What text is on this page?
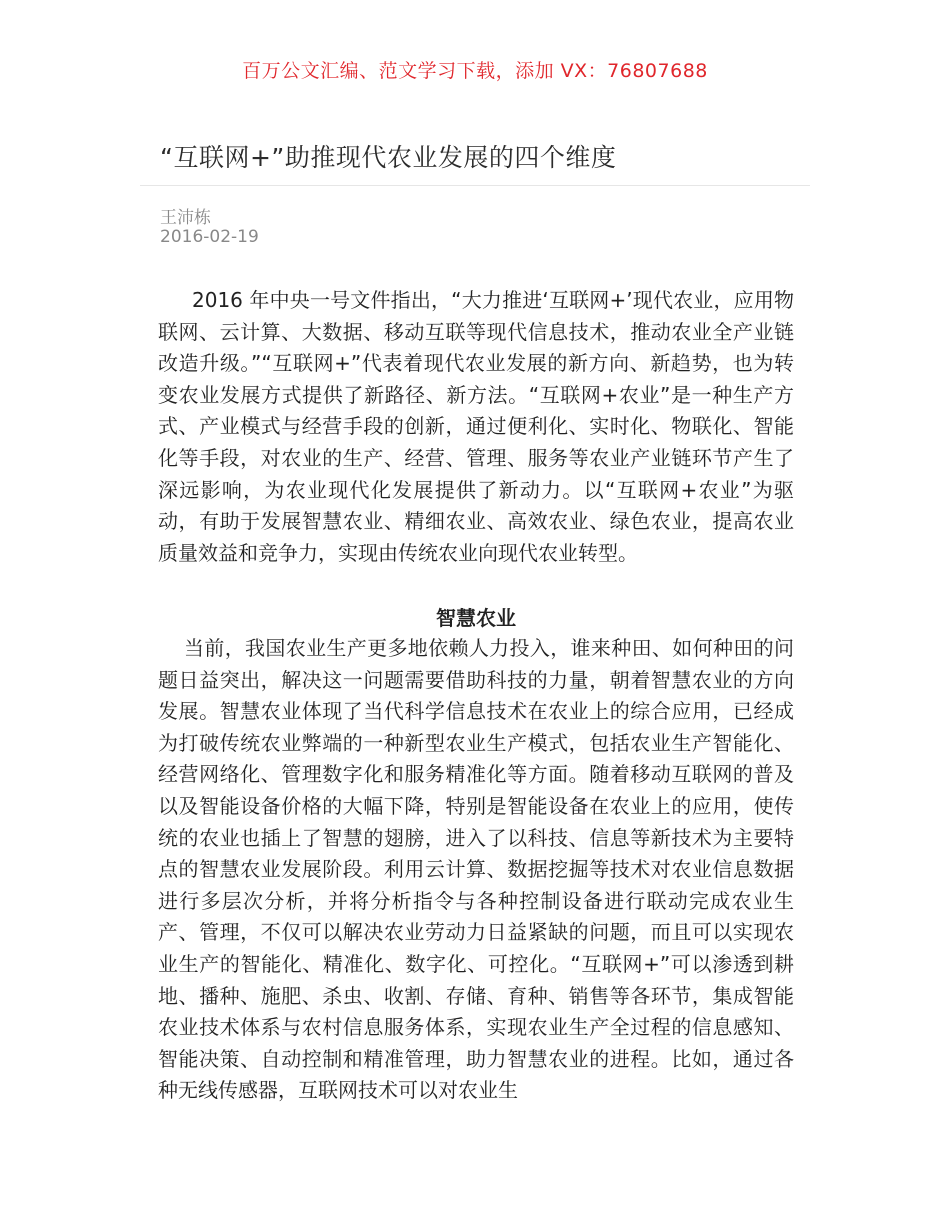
百万公文汇编、范文学习下载，添加 VX：76807688
“互联网+”助推现代农业发展的四个维度
王沛栋
2016-02-19

2016 年中央一号文件指出，“大力推进‘互联网+’现代农业，应用物联网、云计算、大数据、移动互联等现代信息技术，推动农业全产业链改造升级。”“互联网+”代表着现代农业发展的新方向、新趋势，也为转变农业发展方式提供了新路径、新方法。“互联网+农业”是一种生产方式、产业模式与经营手段的创新，通过便利化、实时化、物联化、智能化等手段，对农业的生产、经营、管理、服务等农业产业链环节产生了深远影响，为农业现代化发展提供了新动力。以“互联网+农业”为驱动，有助于发展智慧农业、精细农业、高效农业、绿色农业，提高农业质量效益和竞争力，实现由传统农业向现代农业转型。

智慧农业

当前，我国农业生产更多地依赖人力投入，谁来种田、如何种田的问题日益突出，解决这一问题需要借助科技的力量，朝着智慧农业的方向发展。智慧农业体现了当代科学信息技术在农业上的综合应用，已经成为打破传统农业弊端的一种新型农业生产模式，包括农业生产智能化、经营网络化、管理数字化和服务精准化等方面。随着移动互联网的普及以及智能设备价格的大幅下降，特别是智能设备在农业上的应用，使传统的农业也插上了智慧的翅膀，进入了以科技、信息等新技术为主要特点的智慧农业发展阶段。利用云计算、数据挖掘等技术对农业信息数据进行多层次分析，并将分析指令与各种控制设备进行联动完成农业生产、管理，不仅可以解决农业劳动力日益紧缺的问题，而且可以实现农业生产的智能化、精准化、数字化、可控化。“互联网+”可以渗透到耕地、播种、施肥、杀虫、收割、存储、育种、销售等各环节，集成智能农业技术体系与农村信息服务体系，实现农业生产全过程的信息感知、智能决策、自动控制和精准管理，助力智慧农业的进程。比如，通过各种无线传感器，互联网技术可以对农业生
